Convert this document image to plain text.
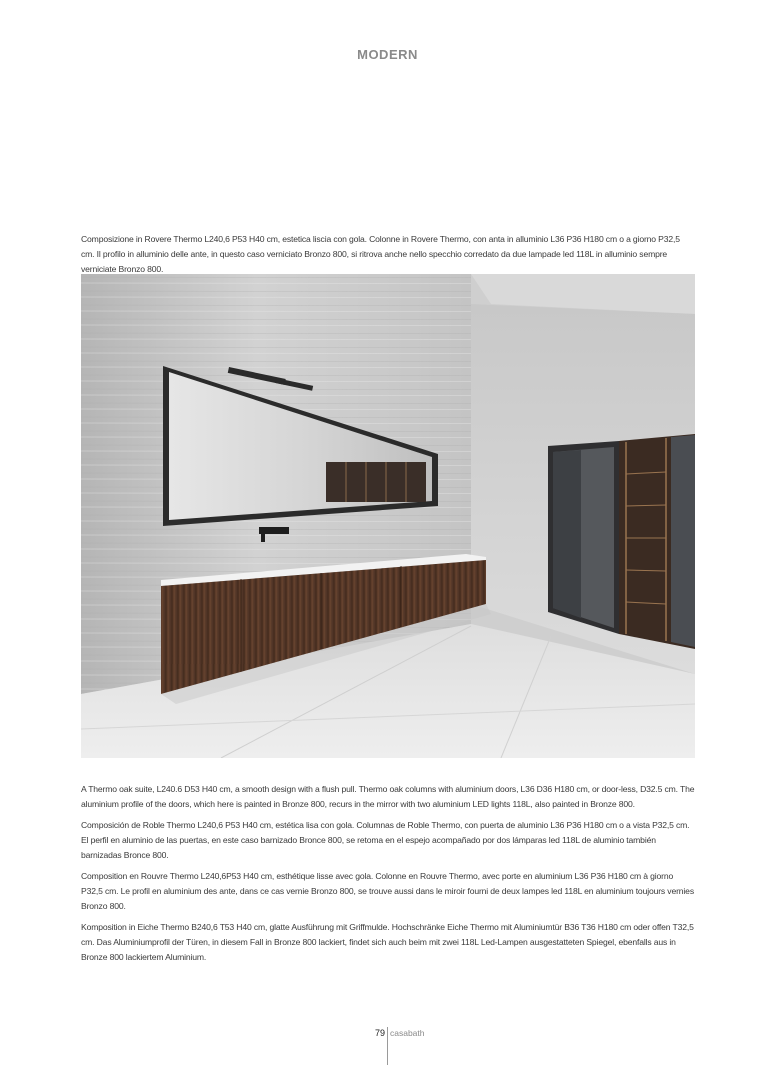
MODERN

Composizione in Rovere Thermo L240,6 P53 H40 cm, estetica liscia con gola. Colonne in Rovere Thermo, con anta in alluminio L36 P36 H180 cm o a giorno P32,5 cm. Il profilo in alluminio delle ante, in questo caso verniciato Bronzo 800, si ritrova anche nello specchio corredato da due lampade led 118L in alluminio sempre verniciate Bronzo 800.

A Thermo oak suite, L240.6 D53 H40 cm, a smooth design with a flush pull. Thermo oak columns with aluminium doors, L36 D36 H180 cm, or door-less, D32.5 cm. The aluminium profile of the doors, which here is painted in Bronze 800, recurs in the mirror with two aluminium LED lights 118L, also painted in Bronze 800.

Composición de Roble Thermo L240,6 P53 H40 cm, estética lisa con gola. Columnas de Roble Thermo, con puerta de aluminio L36 P36 H180 cm o a vista P32,5 cm. El perfil en aluminio de las puertas, en este caso barnizado Bronce 800, se retoma en el espejo acompañado por dos lámparas led 118L de aluminio también barnizadas Bronce 800.

Composition en Rouvre Thermo L240,6P53 H40 cm, esthétique lisse avec gola. Colonne en Rouvre Thermo, avec porte en aluminium L36 P36 H180 cm à giorno P32,5 cm. Le profil en aluminium des ante, dans ce cas vernie Bronzo 800, se trouve aussi dans le miroir fourni de deux lampes led 118L en aluminium toujours vernies Bronzo 800.

Komposition in Eiche Thermo B240,6 T53 H40 cm, glatte Ausführung mit Griffmulde. Hochschränke Eiche Thermo mit Aluminiumtür B36 T36 H180 cm oder offen T32,5 cm. Das Aluminiumprofil der Türen, in diesem Fall in Bronze 800 lackiert, findet sich auch beim mit zwei 118L Led-Lampen ausgestatteten Spiegel, ebenfalls aus in Bronze 800 lackiertem Aluminium.

79 casabath
